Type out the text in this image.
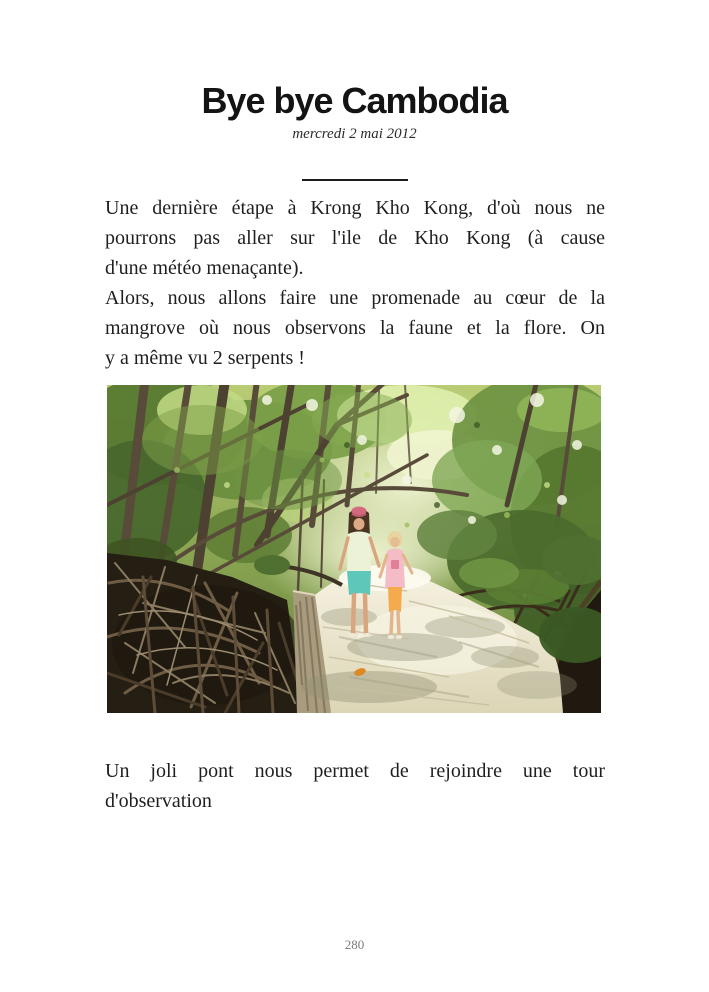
Bye bye Cambodia
mercredi 2 mai 2012
Une dernière étape à Krong Kho Kong, d'où nous ne
pourrons pas aller sur l'ile de Kho Kong (à cause
d'une météo menaçante).
Alors, nous allons faire une promenade au cœur de la
mangrove où nous observons la faune et la flore. On
y a même vu 2 serpents !
Un joli pont nous permet de rejoindre une tour
d'observation
280
